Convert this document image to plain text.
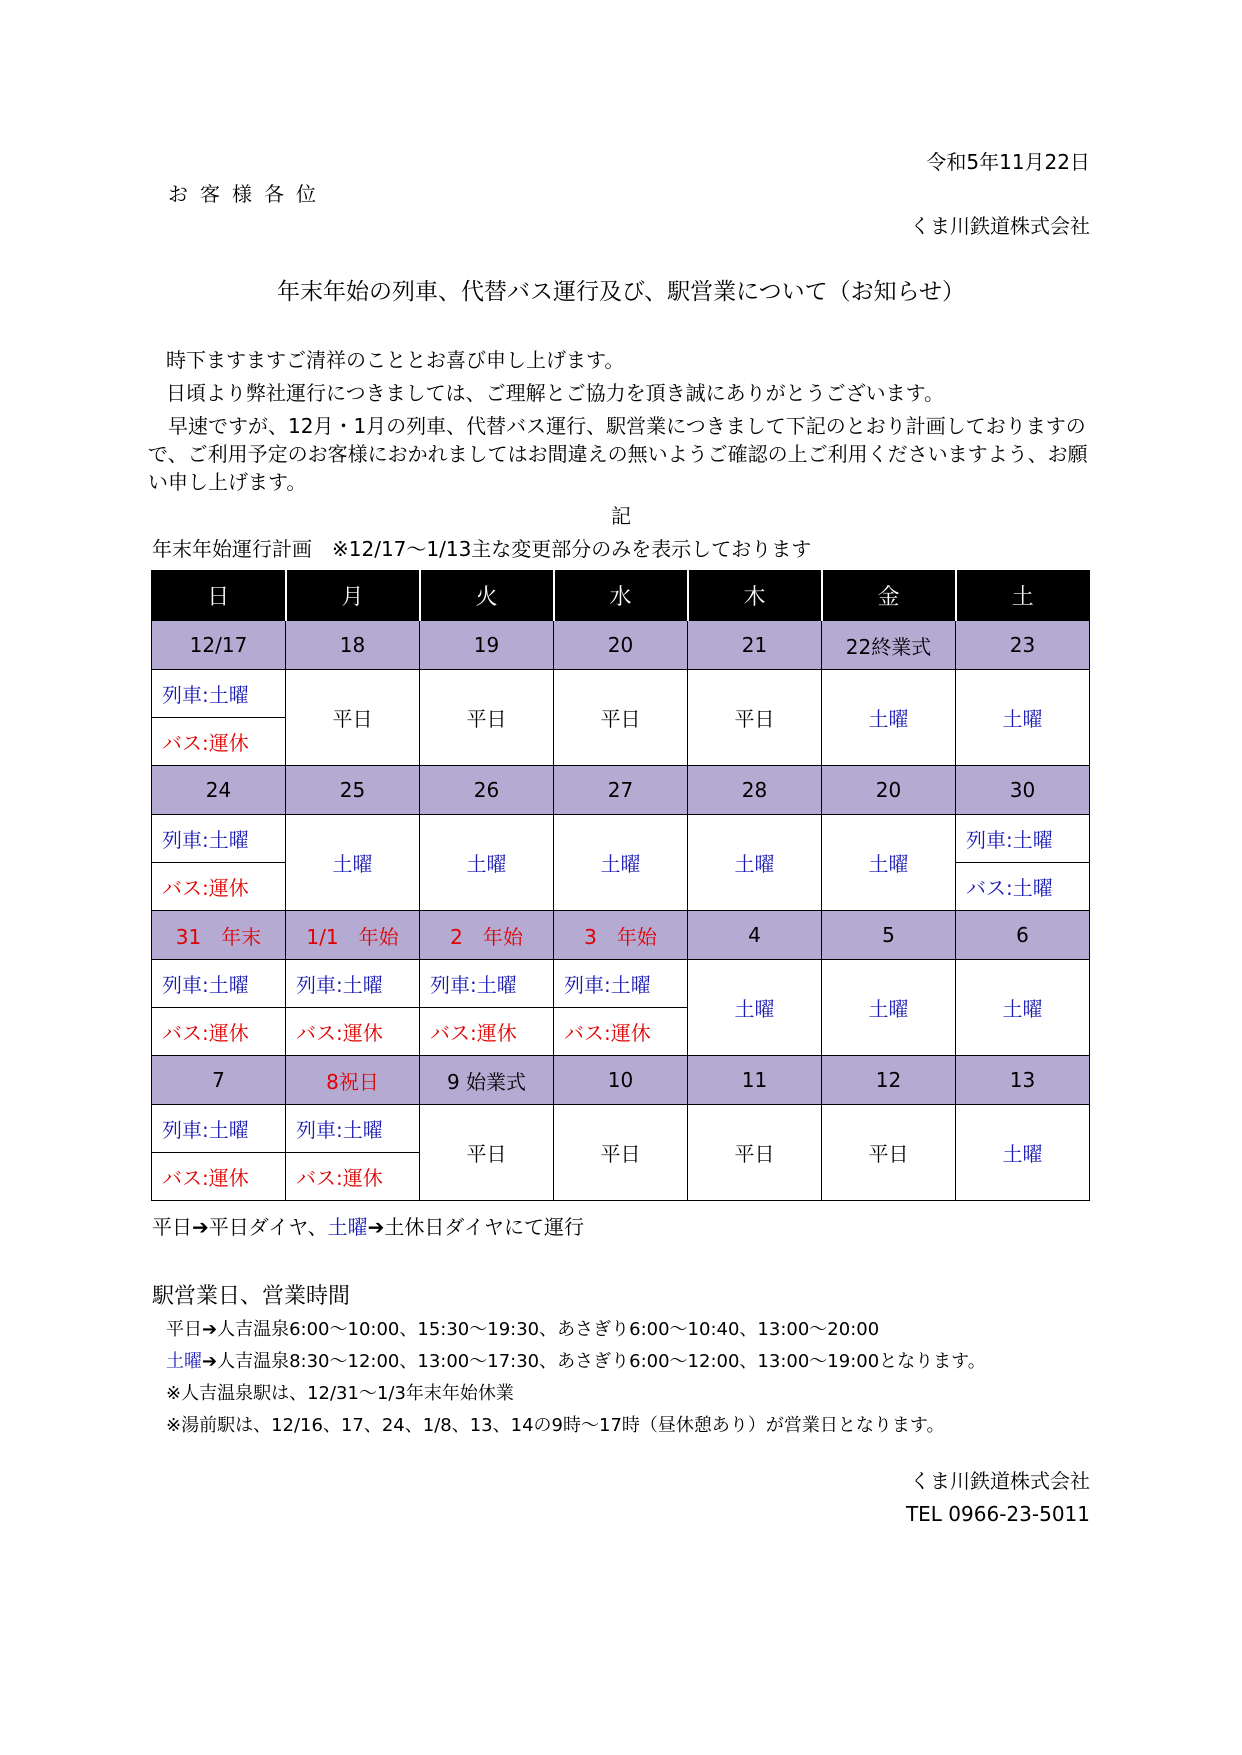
令和5年11月22日
お客様各位
くま川鉄道株式会社
年末年始の列車、代替バス運行及び、駅営業について（お知らせ）
時下ますますご清祥のこととお喜び申し上げます。
日頃より弊社運行につきましては、ご理解とご協力を頂き誠にありがとうございます。
　早速ですが、12月・1月の列車、代替バス運行、駅営業につきまして下記のとおり計画しておりますので、ご利用予定のお客様におかれましてはお間違えの無いようご確認の上ご利用くださいますよう、お願い申し上げます。
記
年末年始運行計画　※12/17～1/13主な変更部分のみを表示しております
日	月	火	水	木	金	土
12/17	18	19	20	21	22終業式	23
列車:土曜	平日	平日	平日	平日	土曜	土曜
バス:運休						
24	25	26	27	28	20	30
列車:土曜	土曜	土曜	土曜	土曜	土曜	列車:土曜
バス:運休						バス:土曜
31　年末	1/1　年始	2　年始	3　年始	4	5	6
列車:土曜	列車:土曜	列車:土曜	列車:土曜	土曜	土曜	土曜
バス:運休	バス:運休	バス:運休	バス:運休			
7	8祝日	9 始業式	10	11	12	13
列車:土曜	列車:土曜	平日	平日	平日	平日	土曜
バス:運休	バス:運休					
平日➔平日ダイヤ、土曜➔土休日ダイヤにて運行
駅営業日、営業時間
平日➔人吉温泉6:00～10:00、15:30～19:30、あさぎり6:00～10:40、13:00～20:00
土曜➔人吉温泉8:30～12:00、13:00～17:30、あさぎり6:00～12:00、13:00～19:00となります。
※人吉温泉駅は、12/31～1/3年末年始休業
※湯前駅は、12/16、17、24、1/8、13、14の9時～17時（昼休憩あり）が営業日となります。
くま川鉄道株式会社
TEL 0966-23-5011
